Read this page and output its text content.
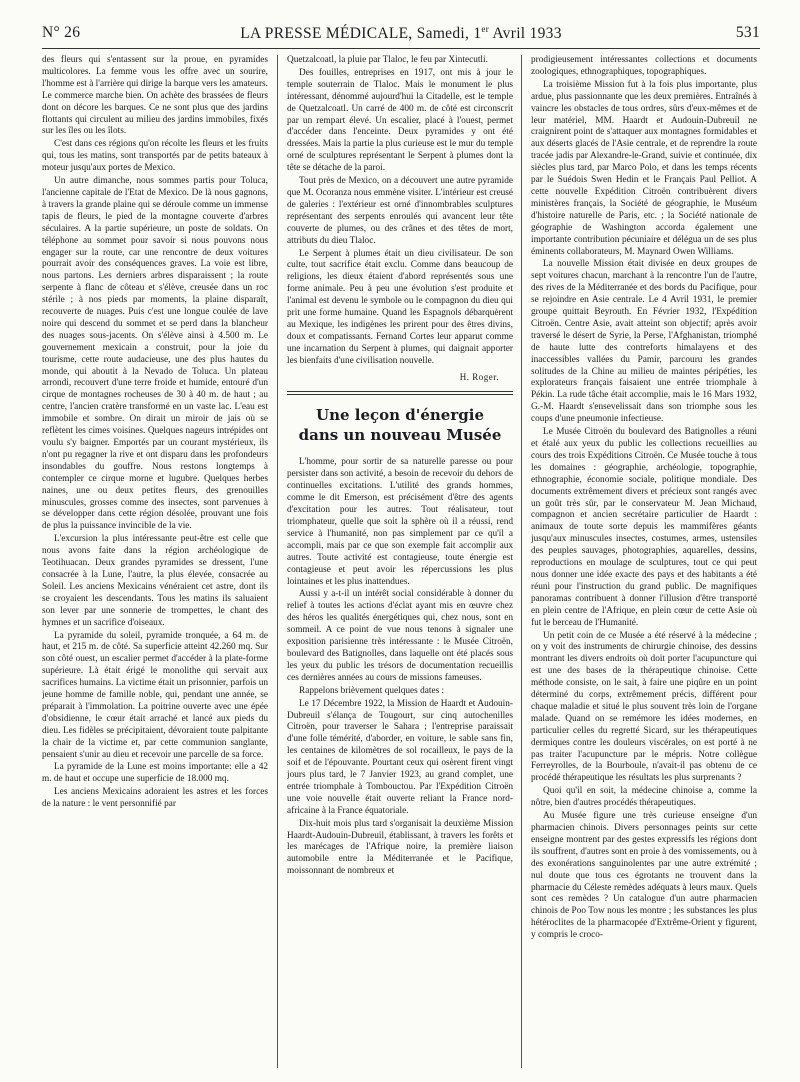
N° 26	LA PRESSE MÉDICALE, Samedi, 1er Avril 1933	531

des fleurs qui s'entassent sur la proue, en pyramides multicolores. La femme vous les offre avec un sourire, l'homme est à l'arrière qui dirige la barque vers les amateurs. Le commerce marche bien. On achète des brassées de fleurs dont on décore les barques. Ce ne sont plus que des jardins flottants qui circulent au milieu des jardins immobiles, fixés sur les îles ou les îlots.

C'est dans ces régions qu'on récolte les fleurs et les fruits qui, tous les matins, sont transportés par de petits bateaux à moteur jusqu'aux portes de Mexico.

Un autre dimanche, nous sommes partis pour Toluca, l'ancienne capitale de l'Etat de Mexico. De là nous gagnons, à travers la grande plaine qui se déroule comme un immense tapis de fleurs, le pied de la montagne couverte d'arbres séculaires. A la partie supérieure, un poste de soldats. On téléphone au sommet pour savoir si nous pouvons nous engager sur la route, car une rencontre de deux voitures pourrait avoir des conséquences graves. La voie est libre, nous partons. Les derniers arbres disparaissent ; la route serpente à flanc de côteau et s'élève, creusée dans un roc stérile ; à nos pieds par moments, la plaine disparaît, recouverte de nuages. Puis c'est une longue coulée de lave noire qui descend du sommet et se perd dans la blancheur des nuages sous-jacents. On s'élève ainsi à 4.500 m. Le gouvernement mexicain a construit, pour la joie du tourisme, cette route audacieuse, une des plus hautes du monde, qui aboutit à la Nevado de Toluca. Un plateau arrondi, recouvert d'une terre froide et humide, entouré d'un cirque de montagnes rocheuses de 30 à 40 m. de haut ; au centre, l'ancien cratère transformé en un vaste lac. L'eau est immobile et sombre. On dirait un miroir de jais où se reflètent les cimes voisines. Quelques nageurs intrépides ont voulu s'y baigner. Emportés par un courant mystérieux, ils n'ont pu regagner la rive et ont disparu dans les profondeurs insondables du gouffre. Nous restons longtemps à contempler ce cirque morne et lugubre. Quelques herbes naines, une ou deux petites fleurs, des grenouilles minuscules, grosses comme des insectes, sont parvenues à se développer dans cette région désolée, prouvant une fois de plus la puissance invincible de la vie.

L'excursion la plus intéressante peut-être est celle que nous avons faite dans la région archéologique de Teotihuacan. Deux grandes pyramides se dressent, l'une consacrée à la Lune, l'autre, la plus élevée, consacrée au Soleil. Les anciens Mexicains vénéraient cet astre, dont ils se croyaient les descendants. Tous les matins ils saluaient son lever par une sonnerie de trompettes, le chant des hymnes et un sacrifice d'oiseaux.

La pyramide du soleil, pyramide tronquée, a 64 m. de haut, et 215 m. de côté. Sa superficie atteint 42.260 mq. Sur son côté ouest, un escalier permet d'accéder à la plate-forme supérieure. Là était érigé le monolithe qui servait aux sacrifices humains. La victime était un prisonnier, parfois un jeune homme de famille noble, qui, pendant une année, se préparait à l'immolation. La poitrine ouverte avec une épée d'obsidienne, le cœur était arraché et lancé aux pieds du dieu. Les fidèles se précipitaient, dévoraient toute palpitante la chair de la victime et, par cette communion sanglante, pensaient s'unir au dieu et recevoir une parcelle de sa force.

La pyramide de la Lune est moins importante: elle a 42 m. de haut et occupe une superficie de 18.000 mq.

Les anciens Mexicains adoraient les astres et les forces de la nature : le vent personnifié par

Quetzalcoatl, la pluie par Tlaloc, le feu par Xintecutli.

Des fouilles, entreprises en 1917, ont mis à jour le temple souterrain de Tlaloc. Mais le monument le plus intéressant, dénommé aujourd'hui la Citadelle, est le temple de Quetzalcoatl. Un carré de 400 m. de côté est circonscrit par un rempart élevé. Un escalier, placé à l'ouest, permet d'accéder dans l'enceinte. Deux pyramides y ont été dressées. Mais la partie la plus curieuse est le mur du temple orné de sculptures représentant le Serpent à plumes dont la tête se détache de la paroi.

Tout près de Mexico, on a découvert une autre pyramide que M. Ocoranza nous emmène visiter. L'intérieur est creusé de galeries : l'extérieur est orné d'innombrables sculptures représentant des serpents enroulés qui avancent leur tête couverte de plumes, ou des crânes et des têtes de mort, attributs du dieu Tlaloc.

Le Serpent à plumes était un dieu civilisateur. De son culte, tout sacrifice était exclu. Comme dans beaucoup de religions, les dieux étaient d'abord représentés sous une forme animale. Peu à peu une évolution s'est produite et l'animal est devenu le symbole ou le compagnon du dieu qui prit une forme humaine. Quand les Espagnols débarquèrent au Mexique, les indigènes les prirent pour des êtres divins, doux et compatissants. Fernand Cortes leur apparut comme une incarnation du Serpent à plumes, qui daignait apporter les bienfaits d'une civilisation nouvelle.

H. Roger.
Une leçon d'énergie
dans un nouveau Musée

L'homme, pour sortir de sa naturelle paresse ou pour persister dans son activité, a besoin de recevoir du dehors de continuelles excitations. L'utilité des grands hommes, comme le dit Emerson, est précisément d'être des agents d'excitation pour les autres. Tout réalisateur, tout triomphateur, quelle que soit la sphère où il a réussi, rend service à l'humanité, non pas simplement par ce qu'il a accompli, mais par ce que son exemple fait accomplir aux autres. Toute activité est contagieuse, toute énergie est contagieuse et peut avoir les répercussions les plus lointaines et les plus inattendues.

Aussi y a-t-il un intérêt social considérable à donner du relief à toutes les actions d'éclat ayant mis en œuvre chez des héros les qualités énergétiques qui, chez nous, sont en sommeil. A ce point de vue nous tenons à signaler une exposition parisienne très intéressante : le Musée Citroën, boulevard des Batignolles, dans laquelle ont été placés sous les yeux du public les trésors de documentation recueillis ces dernières années au cours de missions fameuses.

Rappelons brièvement quelques dates :

Le 17 Décembre 1922, la Mission de Haardt et Audouin-Dubreuil s'élança de Tougourt, sur cinq autochenilles Citroën, pour traverser le Sahara ; l'entreprise paraissait d'une folle témérité, d'aborder, en voiture, le sable sans fin, les centaines de kilomètres de sol rocailleux, le pays de la soif et de l'épouvante. Pourtant ceux qui osèrent firent vingt jours plus tard, le 7 Janvier 1923, au grand complet, une entrée triomphale à Tombouctou. Par l'Expédition Citroën une voie nouvelle était ouverte reliant la France nord-africaine à la France équatoriale.

Dix-huit mois plus tard s'organisait la deuxième Mission Haardt-Audouin-Dubreuil, établissant, à travers les forêts et les marécages de l'Afrique noire, la première liaison automobile entre la Méditerranée et le Pacifique, moissonnant de nombreux et

prodigieusement intéressantes collections et documents zoologiques, ethnographiques, topographiques.

La troisième Mission fut à la fois plus importante, plus ardue, plus passionnante que les deux premières. Entraînés à vaincre les obstacles de tous ordres, sûrs d'eux-mêmes et de leur matériel, MM. Haardt et Audouin-Dubreuil ne craignirent point de s'attaquer aux montagnes formidables et aux déserts glacés de l'Asie centrale, et de reprendre la route tracée jadis par Alexandre-le-Grand, suivie et continuée, dix siècles plus tard, par Marco Polo, et dans les temps récents par le Suédois Swen Hedin et le Français Paul Pelliot. A cette nouvelle Expédition Citroën contribuèrent divers ministères français, la Société de géographie, le Muséum d'histoire naturelle de Paris, etc. ; la Société nationale de géographie de Washington accorda également une importante contribution pécuniaire et délégua un de ses plus éminents collaborateurs, M. Maynard Owen Williams.

La nouvelle Mission était divisée en deux groupes de sept voitures chacun, marchant à la rencontre l'un de l'autre, des rives de la Méditerranée et des bords du Pacifique, pour se rejoindre en Asie centrale. Le 4 Avril 1931, le premier groupe quittait Beyrouth. En Février 1932, l'Expédition Citroën. Centre Asie, avait atteint son objectif; après avoir traversé le désert de Syrie, la Perse, l'Afghanistan, triomphé de haute lutte des contreforts himalayens et des inaccessibles vallées du Pamir, parcouru les grandes solitudes de la Chine au milieu de maintes péripéties, les explorateurs français faisaient une entrée triomphale à Pékin. La rude tâche était accomplie, mais le 16 Mars 1932, G.-M. Haardt s'ensevelissait dans son triomphe sous les coups d'une pneumonie infectieuse.

Le Musée Citroën du boulevard des Batignolles a réuni et étalé aux yeux du public les collections recueillies au cours des trois Expéditions Citroën. Ce Musée touche à tous les domaines : géographie, archéologie, topographie, ethnographie, économie sociale, politique mondiale. Des documents extrêmement divers et précieux sont rangés avec un goût très sûr, par le conservateur M. Jean Michaud, compagnon et ancien secrétaire particulier de Haardt : animaux de toute sorte depuis les mammifères géants jusqu'aux minuscules insectes, costumes, armes, ustensiles des peuples sauvages, photographies, aquarelles, dessins, reproductions en moulage de sculptures, tout ce qui peut nous donner une idée exacte des pays et des habitants a été réuni pour l'instruction du grand public. De magnifiques panoramas contribuent à donner l'illusion d'être transporté en plein centre de l'Afrique, en plein cœur de cette Asie où fut le berceau de l'Humanité.

Un petit coin de ce Musée a été réservé à la médecine ; on y voit des instruments de chirurgie chinoise, des dessins montrant les divers endroits où doit porter l'acupuncture qui est une des bases de la thérapeutique chinoise. Cette méthode consiste, on le sait, à faire une piqûre en un point déterminé du corps, extrêmement précis, différent pour chaque maladie et situé le plus souvent très loin de l'organe malade. Quand on se remémore les idées modernes, en particulier celles du regretté Sicard, sur les thérapeutiques dermiques contre les douleurs viscérales, on est porté à ne pas traiter l'acupuncture par le mépris. Notre collègue Ferreyrolles, de la Bourboule, n'avait-il pas obtenu de ce procédé thérapeutique les résultats les plus surprenants ?

Quoi qu'il en soit, la médecine chinoise a, comme la nôtre, bien d'autres procédés thérapeutiques.

Au Musée figure une très curieuse enseigne d'un pharmacien chinois. Divers personnages peints sur cette enseigne montrent par des gestes expressifs les régions dont ils souffrent, d'autres sont en proie à des vomissements, ou à des exonérations sanguinolentes par une autre extrémité ; nul doute que tous ces égrotants ne trouvent dans la pharmacie du Céleste remèdes adéquats à leurs maux. Quels sont ces remèdes ? Un catalogue d'un autre pharmacien chinois de Poo Tow nous les montre ; les substances les plus hétéroclites de la pharmacopée d'Extrême-Orient y figurent, y compris le croco-
